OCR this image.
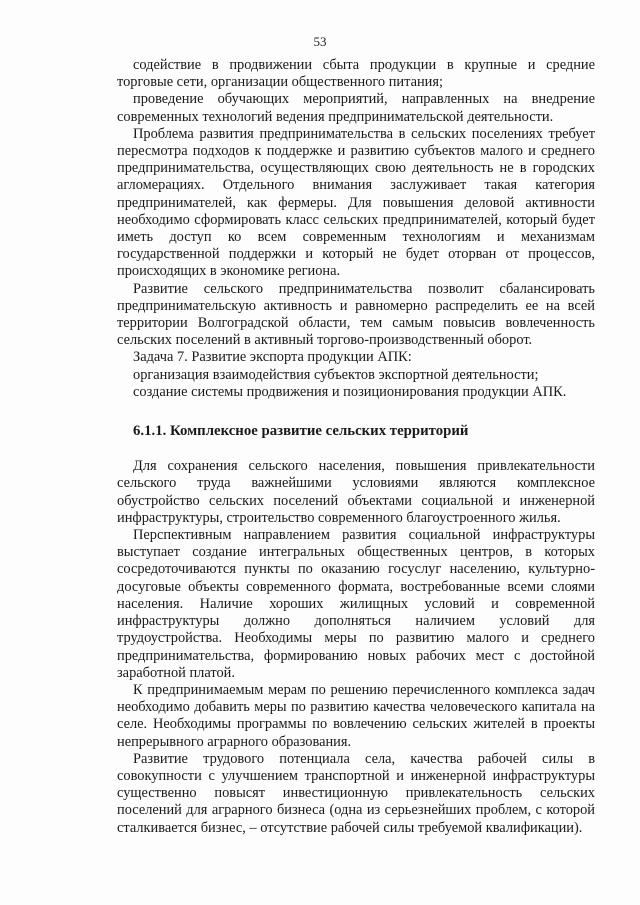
53

содействие в продвижении сбыта продукции в крупные и средние торговые сети, организации общественного питания;

проведение обучающих мероприятий, направленных на внедрение современных технологий ведения предпринимательской деятельности.

Проблема развития предпринимательства в сельских поселениях требует пересмотра подходов к поддержке и развитию субъектов малого и среднего предпринимательства, осуществляющих свою деятельность не в городских агломерациях. Отдельного внимания заслуживает такая категория предпринимателей, как фермеры. Для повышения деловой активности необходимо сформировать класс сельских предпринимателей, который будет иметь доступ ко всем современным технологиям и механизмам государственной поддержки и который не будет оторван от процессов, происходящих в экономике региона.

Развитие сельского предпринимательства позволит сбалансировать предпринимательскую активность и равномерно распределить ее на всей территории Волгоградской области, тем самым повысив вовлеченность сельских поселений в активный торгово-производственный оборот.

Задача 7. Развитие экспорта продукции АПК:

организация взаимодействия субъектов экспортной деятельности;

создание системы продвижения и позиционирования продукции АПК.

6.1.1. Комплексное развитие сельских территорий

Для сохранения сельского населения, повышения привлекательности сельского труда важнейшими условиями являются комплексное обустройство сельских поселений объектами социальной и инженерной инфраструктуры, строительство современного благоустроенного жилья.

Перспективным направлением развития социальной инфраструктуры выступает создание интегральных общественных центров, в которых сосредоточиваются пункты по оказанию госуслуг населению, культурно-досуговые объекты современного формата, востребованные всеми слоями населения. Наличие хороших жилищных условий и современной инфраструктуры должно дополняться наличием условий для трудоустройства. Необходимы меры по развитию малого и среднего предпринимательства, формированию новых рабочих мест с достойной заработной платой.

К предпринимаемым мерам по решению перечисленного комплекса задач необходимо добавить меры по развитию качества человеческого капитала на селе. Необходимы программы по вовлечению сельских жителей в проекты непрерывного аграрного образования.

Развитие трудового потенциала села, качества рабочей силы в совокупности с улучшением транспортной и инженерной инфраструктуры существенно повысят инвестиционную привлекательность сельских поселений для аграрного бизнеса (одна из серьезнейших проблем, с которой сталкивается бизнес, – отсутствие рабочей силы требуемой квалификации).
